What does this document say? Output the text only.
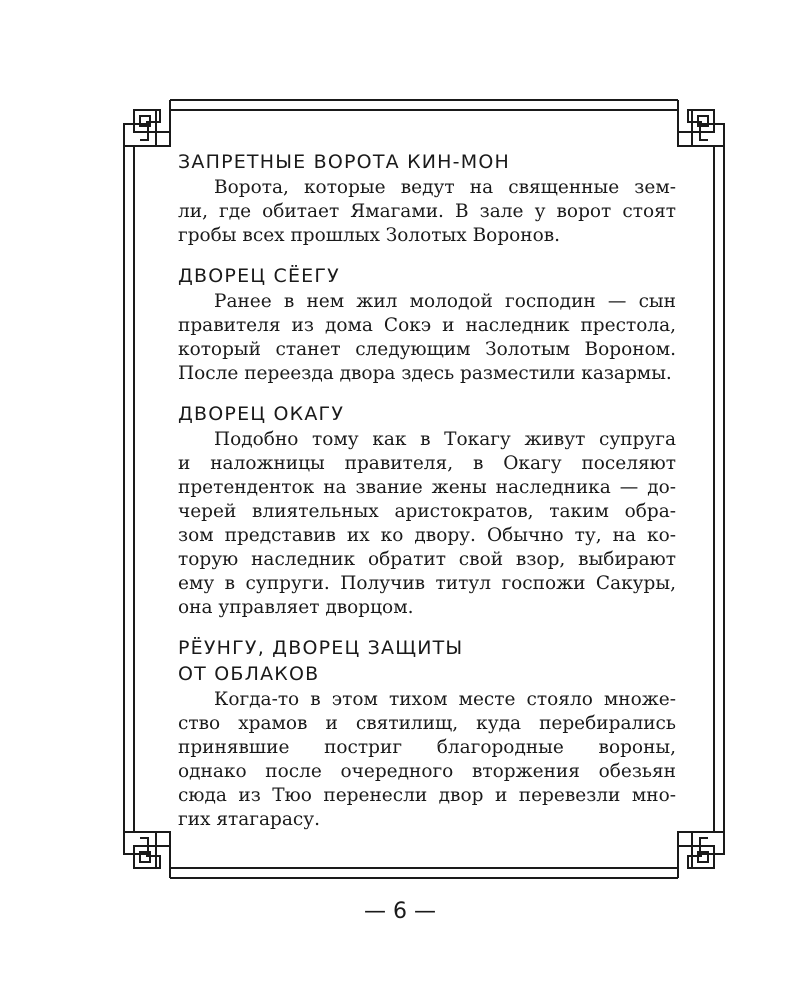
ЗАПРЕТНЫЕ ВОРОТА КИН-МОН
Ворота, которые ведут на священные зем-
ли, где обитает Ямагами. В зале у ворот стоят
гробы всех прошлых Золотых Воронов.
ДВОРЕЦ СЁЕГУ
Ранее в нем жил молодой господин — сын
правителя из дома Сокэ и наследник престола,
который станет следующим Золотым Вороном.
После переезда двора здесь разместили казармы.
ДВОРЕЦ ОКАГУ
Подобно тому как в Токагу живут супруга
и наложницы правителя, в Окагу поселяют
претенденток на звание жены наследника — до-
черей влиятельных аристократов, таким обра-
зом представив их ко двору. Обычно ту, на ко-
торую наследник обратит свой взор, выбирают
ему в супруги. Получив титул госпожи Сакуры,
она управляет дворцом.
РЁУНГУ, ДВОРЕЦ ЗАЩИТЫ
ОТ ОБЛАКОВ
Когда-то в этом тихом месте стояло множе-
ство храмов и святилищ, куда перебирались
принявшие постриг благородные вороны,
однако после очередного вторжения обезьян
сюда из Тюо перенесли двор и перевезли мно-
гих ятагарасу.
— 6 —
